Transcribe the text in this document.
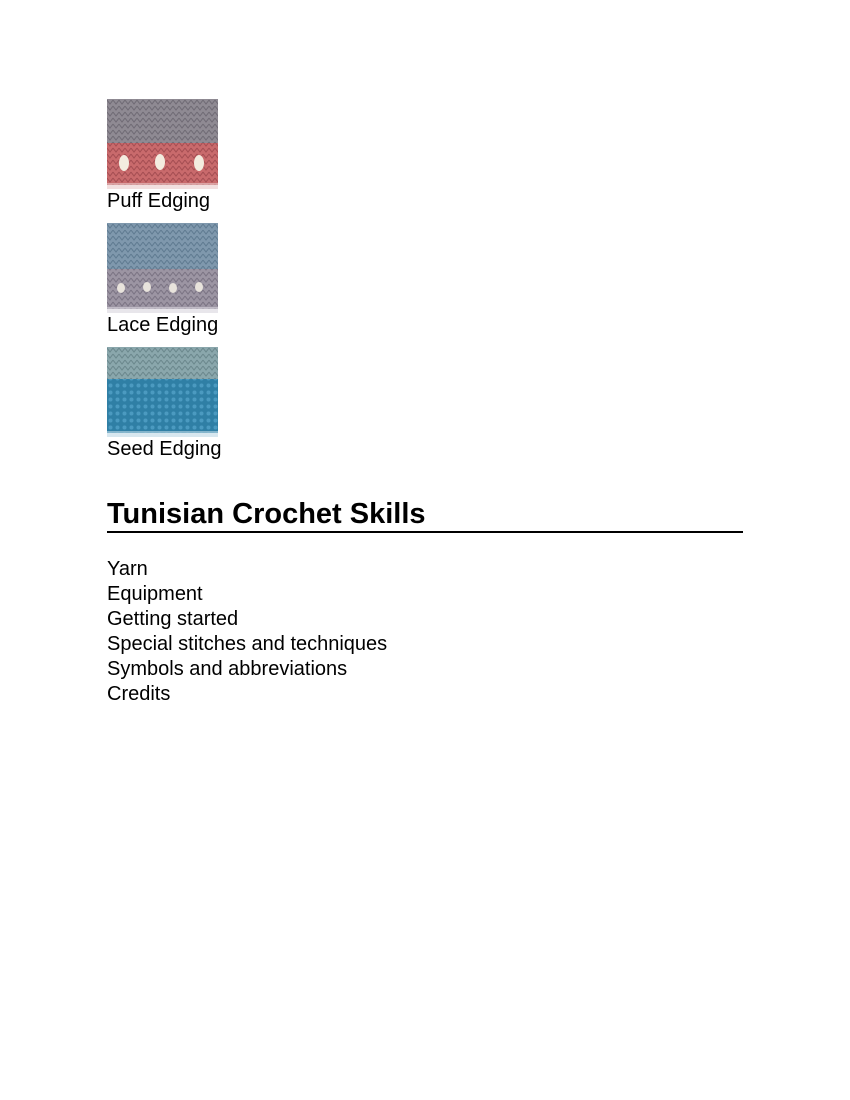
Puff Edging
Lace Edging
Seed Edging
Tunisian Crochet Skills
Yarn
Equipment
Getting started
Special stitches and techniques
Symbols and abbreviations
Credits
